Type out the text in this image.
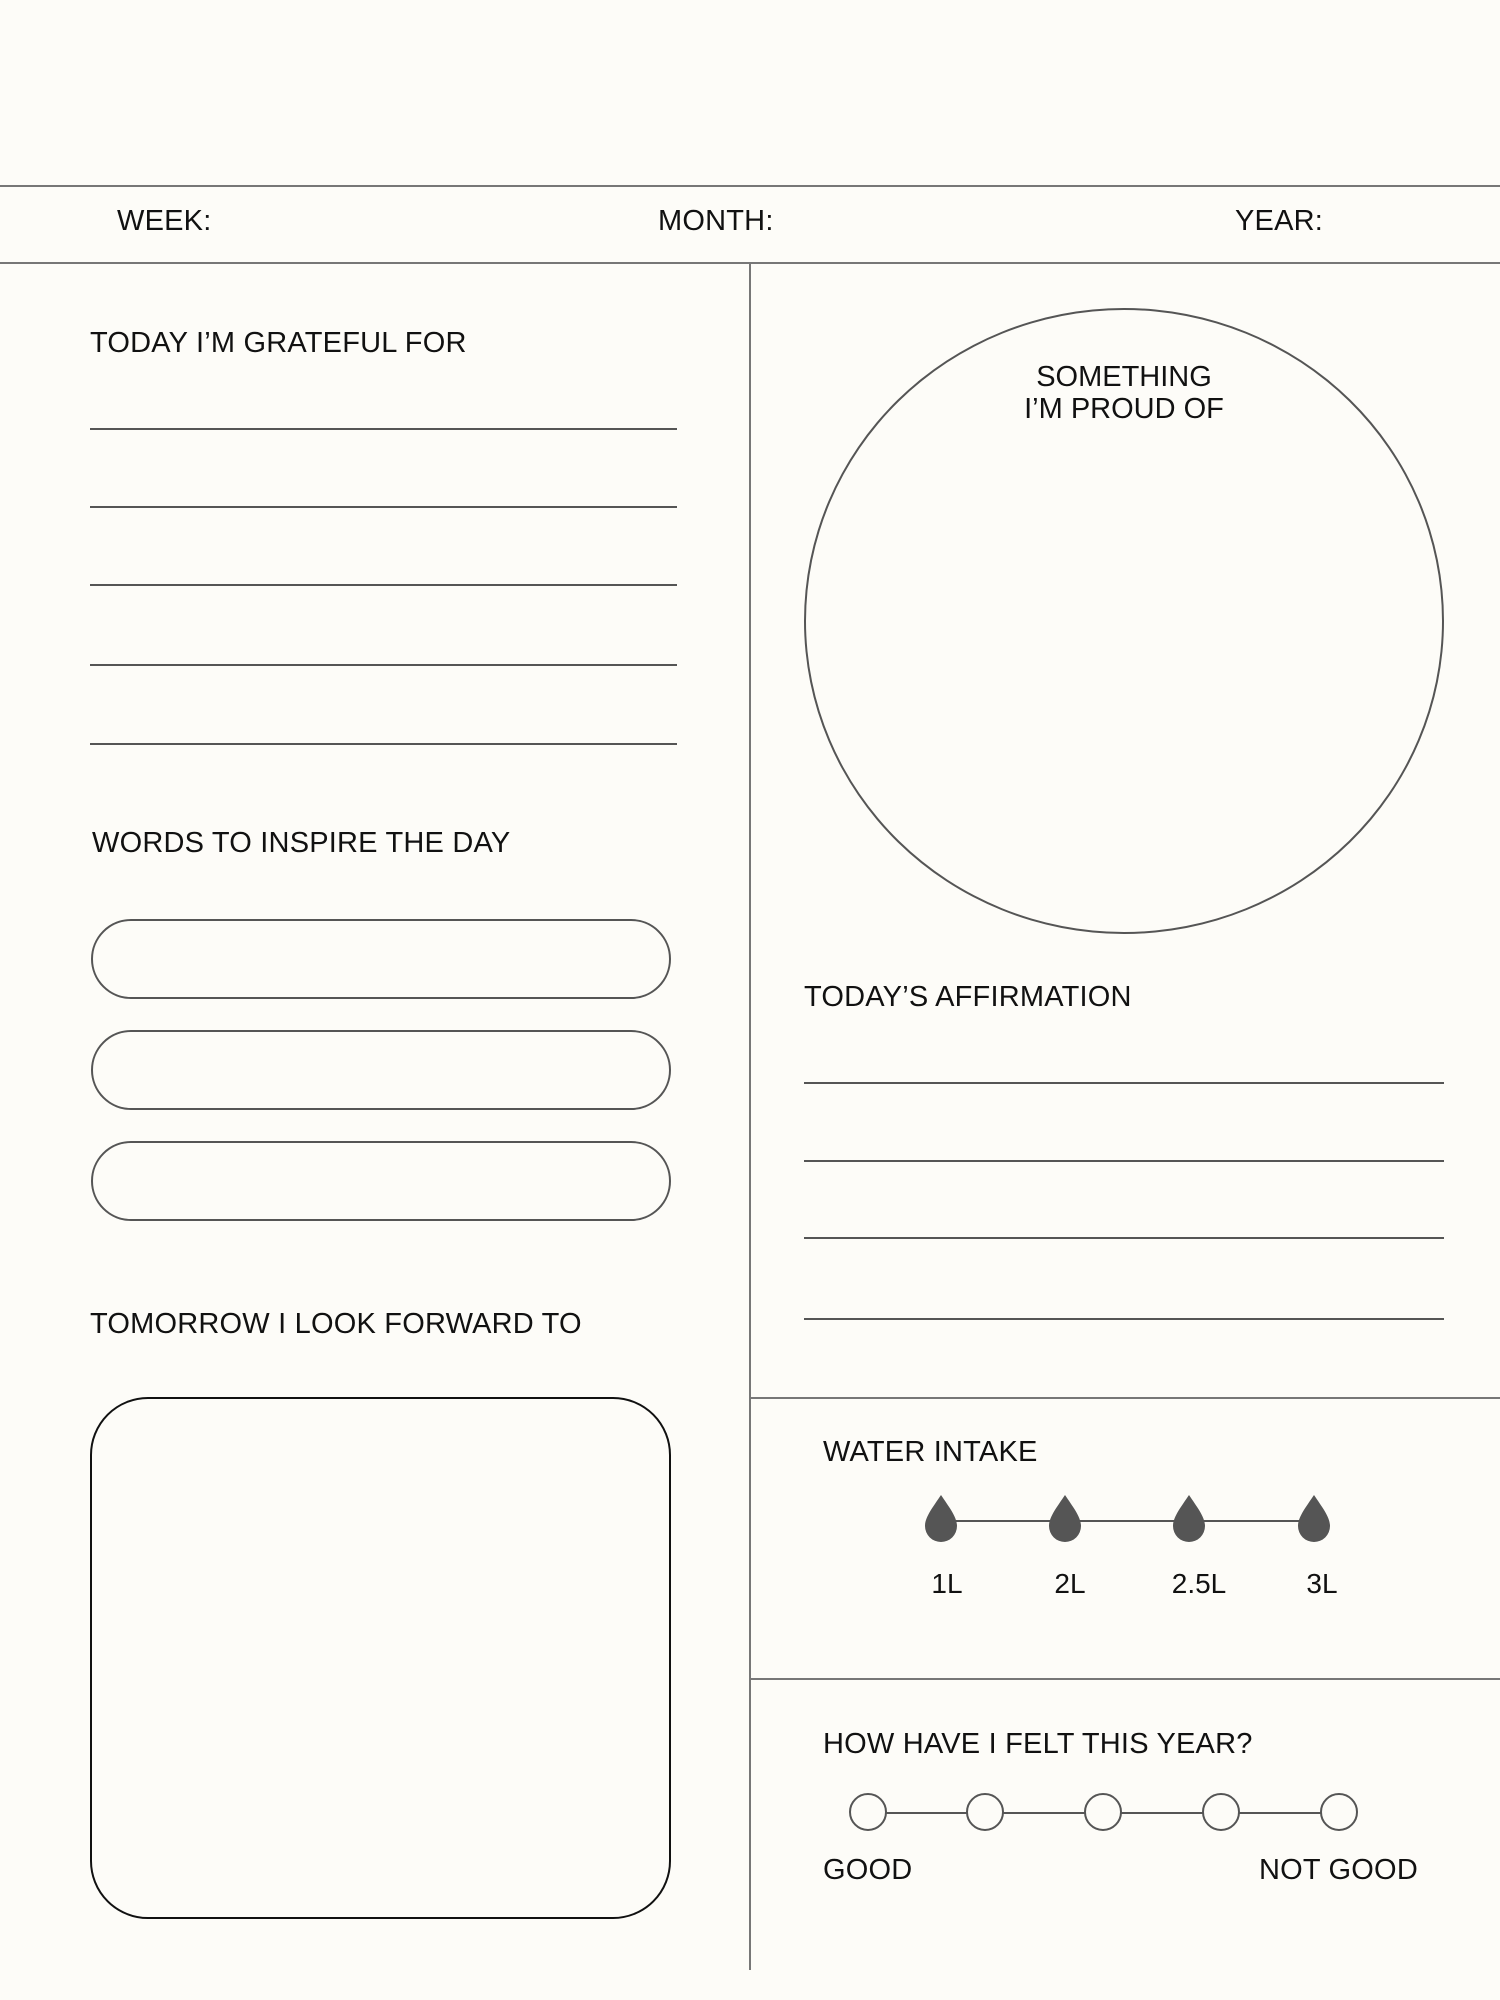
WEEK:	MONTH:	YEAR:
TODAY I’M GRATEFUL FOR
WORDS TO INSPIRE THE DAY
TOMORROW I LOOK FORWARD TO
SOMETHING
I’M PROUD OF
TODAY’S AFFIRMATION
WATER INTAKE
1L	2L	2.5L	3L
HOW HAVE I FELT THIS YEAR?
GOOD	NOT GOOD
